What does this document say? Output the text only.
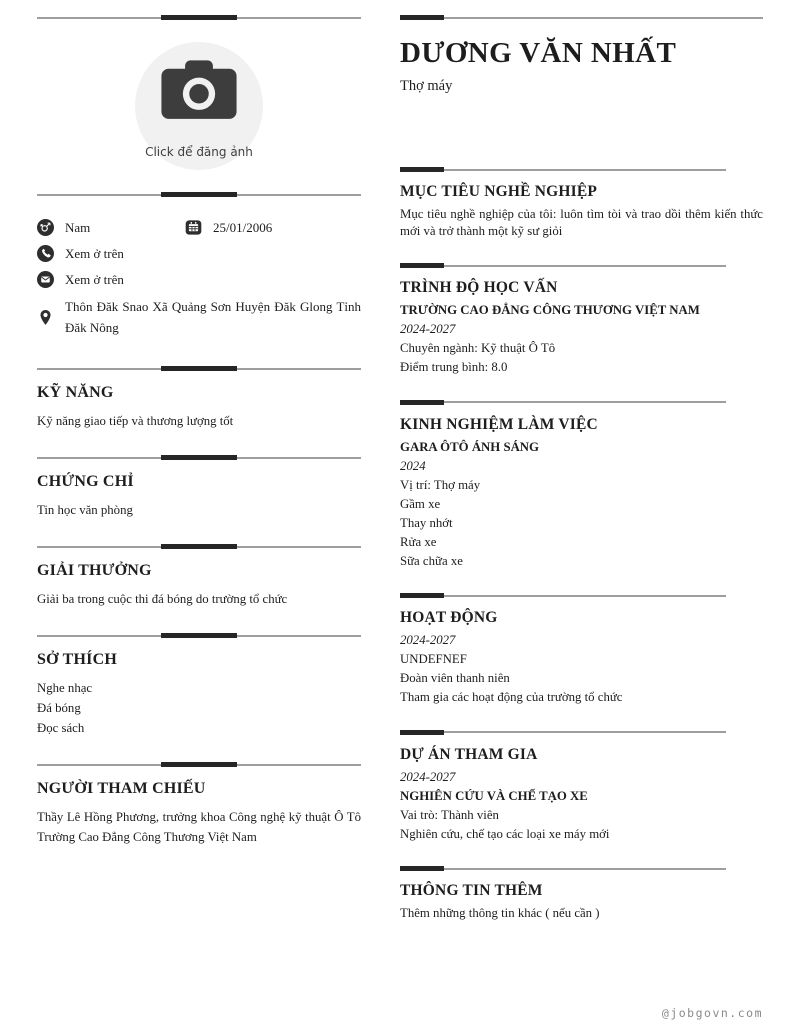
Click để đăng ảnh
Nam	25/01/2006
Xem ở trên
Xem ở trên
Thôn Đăk Snao Xã Quảng Sơn Huyện Đăk Glong Tỉnh Đăk Nông
KỸ NĂNG

Kỹ năng giao tiếp và thương lượng tốt

CHỨNG CHỈ

Tin học văn phòng

GIẢI THƯỞNG

Giải ba trong cuộc thi đá bóng do trường tổ chức

SỞ THÍCH

Nghe nhạc

Đá bóng

Đọc sách

NGƯỜI THAM CHIẾU

Thầy Lê Hồng Phương, trưởng khoa Công nghệ kỹ thuật Ô Tô Trường Cao Đẳng Công Thương Việt Nam

DƯƠNG VĂN NHẤT
Thợ máy
MỤC TIÊU NGHỀ NGHIỆP

Mục tiêu nghề nghiệp của tôi: luôn tìm tòi và trao dồi thêm kiến thức mới và trở thành một kỹ sư giỏi

TRÌNH ĐỘ HỌC VẤN

TRƯỜNG CAO ĐẲNG CÔNG THƯƠNG VIỆT NAM

2024-2027

Chuyên ngành: Kỹ thuật Ô Tô

Điểm trung bình: 8.0

KINH NGHIỆM LÀM VIỆC

GARA ÔTÔ ÁNH SÁNG

2024

Vị trí: Thợ máy

Gầm xe

Thay nhớt

Rửa xe

Sữa chữa xe

HOẠT ĐỘNG

2024-2027

UNDEFNEF

Đoàn viên thanh niên

Tham gia các hoạt động của trường tổ chức

DỰ ÁN THAM GIA

2024-2027

NGHIÊN CỨU VÀ CHẾ TẠO XE

Vai trò: Thành viên

Nghiên cứu, chế tạo các loại xe máy mới

THÔNG TIN THÊM

Thêm những thông tin khác ( nếu cần )

@jobgovn.com
